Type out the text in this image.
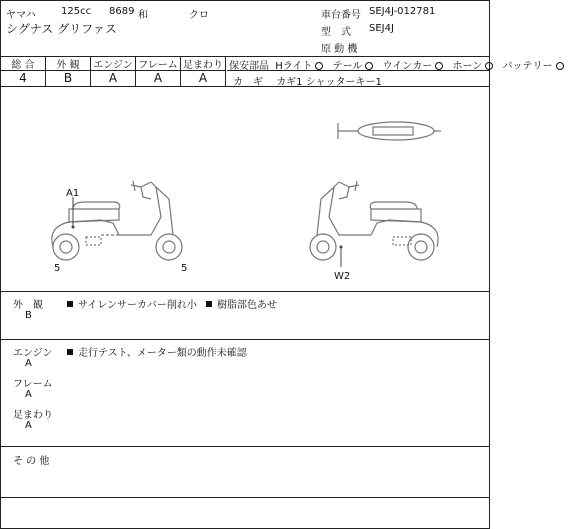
ヤマハ	125cc 8689 和	クロ
シグナス グリファス
車台番号 SEJ4J-012781
型　式 SEJ4J
原 動 機
総 合	外 観	エンジン フレーム 足まわり
4	B	A	A	A
保安部品 Hライト テール ウインカー ホーン バッテリー
カ　ギ カギ1 シャッターキー1
A1
5	5
W2
外　観
B
サイレンサーカバー削れ小 樹脂部色あせ
エンジン
A
走行テスト、メーター類の動作未確認
フレーム
A
足まわり
A
そ の 他
